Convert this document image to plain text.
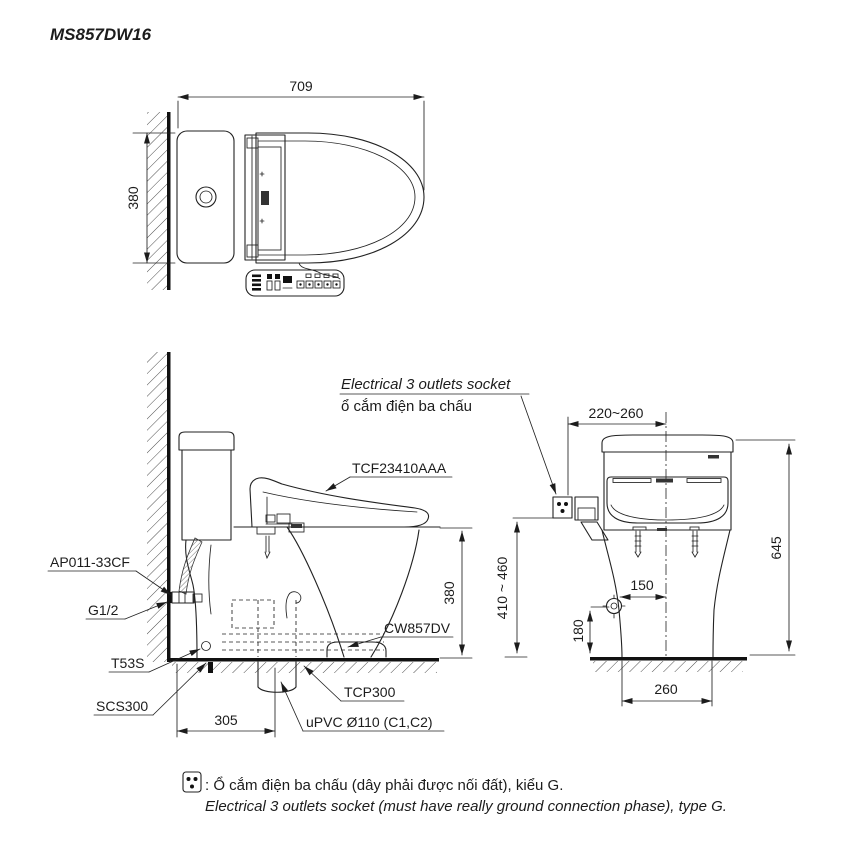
MS857DW16
709
380
Electrical 3 outlets socket
ổ cắm điện ba chấu
TCF23410AAA
AP011-33CF
G1/2
T53S
SCS300
CW857DV
TCP300
uPVC Ø110 (C1,C2)
380
305
410 ~ 460
220~260
150
180
260
645
: Ổ cắm điện ba chấu (dây phải được nối đất), kiểu G.
Electrical 3 outlets socket (must have really ground connection phase), type G.
